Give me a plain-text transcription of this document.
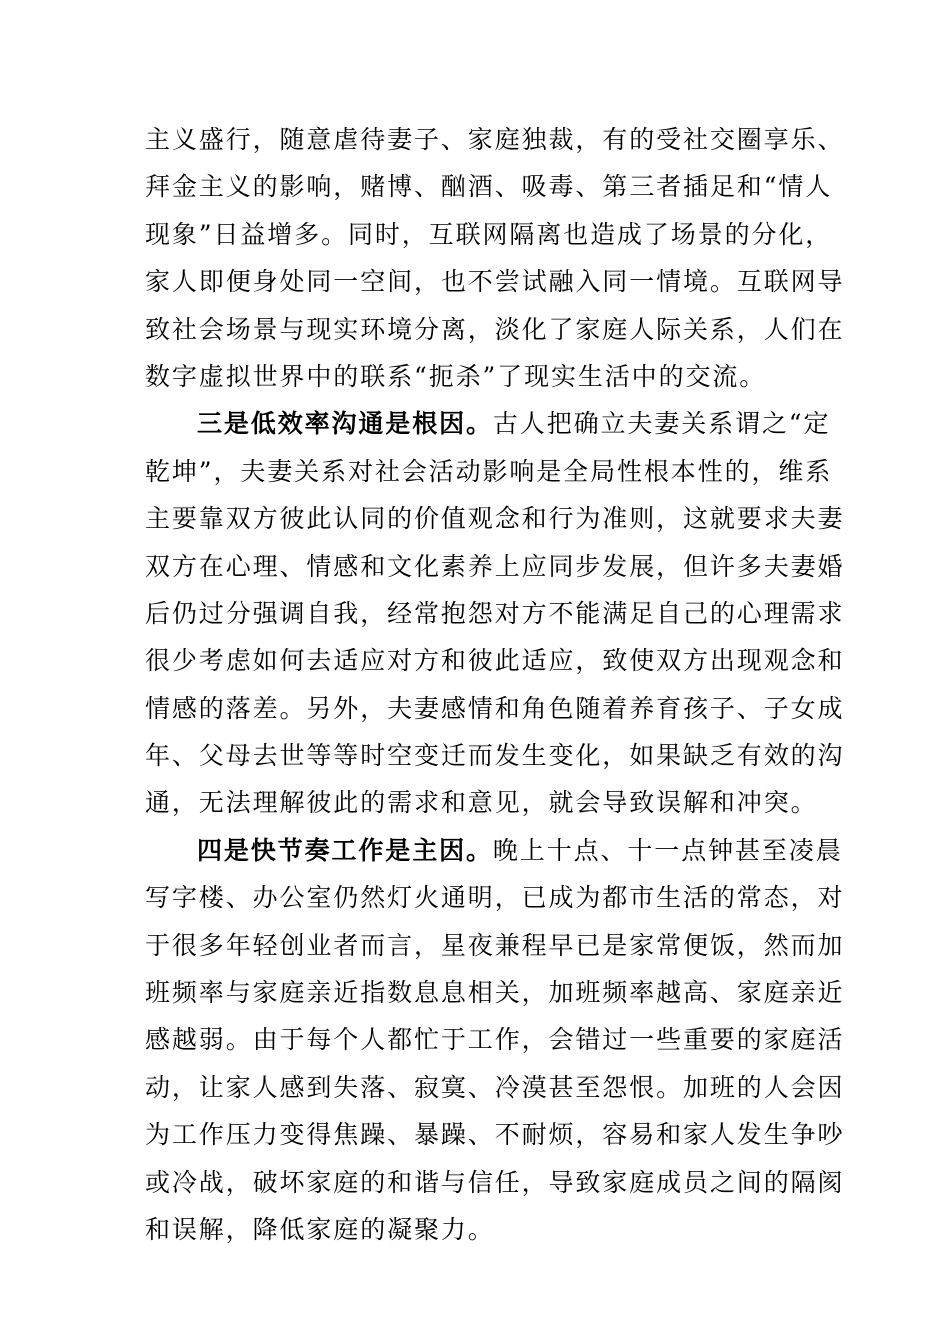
主义盛行，随意虐待妻子、家庭独裁，有的受社交圈享乐、
拜金主义的影响，赌博、酗酒、吸毒、第三者插足和“情人
现象”日益增多。同时，互联网隔离也造成了场景的分化，
家人即便身处同一空间，也不尝试融入同一情境。互联网导
致社会场景与现实环境分离，淡化了家庭人际关系，人们在
数字虚拟世界中的联系“扼杀”了现实生活中的交流。
三是低效率沟通是根因。古人把确立夫妻关系谓之“定
乾坤”，夫妻关系对社会活动影响是全局性根本性的，维系
主要靠双方彼此认同的价值观念和行为准则，这就要求夫妻
双方在心理、情感和文化素养上应同步发展，但许多夫妻婚
后仍过分强调自我，经常抱怨对方不能满足自己的心理需求
很少考虑如何去适应对方和彼此适应，致使双方出现观念和
情感的落差。另外，夫妻感情和角色随着养育孩子、子女成
年、父母去世等等时空变迁而发生变化，如果缺乏有效的沟
通，无法理解彼此的需求和意见，就会导致误解和冲突。
四是快节奏工作是主因。晚上十点、十一点钟甚至凌晨
写字楼、办公室仍然灯火通明，已成为都市生活的常态，对
于很多年轻创业者而言，星夜兼程早已是家常便饭，然而加
班频率与家庭亲近指数息息相关，加班频率越高、家庭亲近
感越弱。由于每个人都忙于工作，会错过一些重要的家庭活
动，让家人感到失落、寂寞、冷漠甚至怨恨。加班的人会因
为工作压力变得焦躁、暴躁、不耐烦，容易和家人发生争吵
或冷战，破坏家庭的和谐与信任，导致家庭成员之间的隔阂
和误解，降低家庭的凝聚力。
